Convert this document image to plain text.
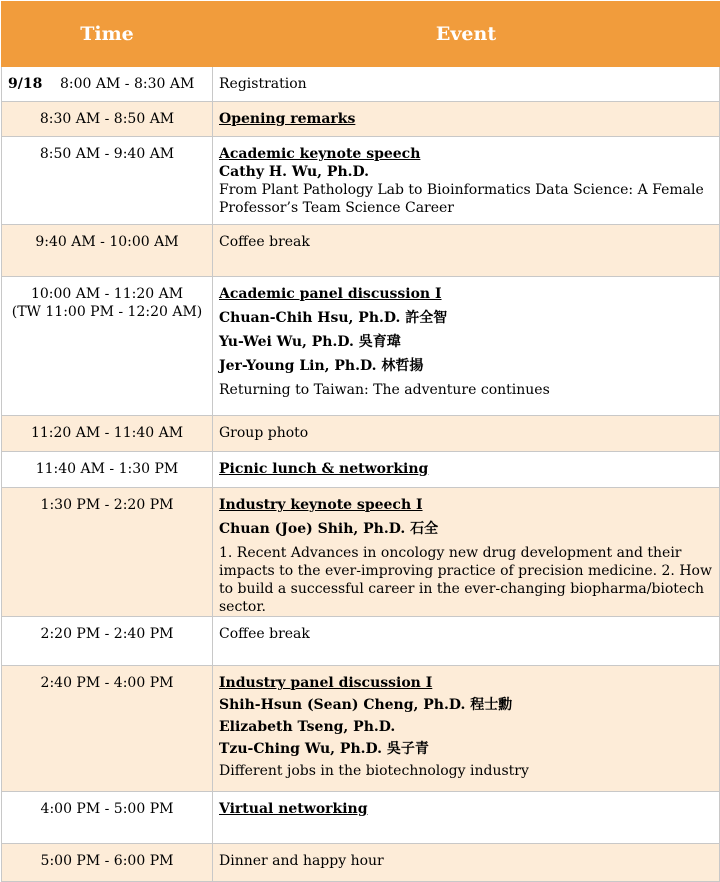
Time	Event

9/18 8:00 AM - 8:30 AM	Registration

8:30 AM - 8:50 AM	Opening remarks

8:50 AM - 9:40 AM	Academic keynote speech
Cathy H. Wu, Ph.D.
From Plant Pathology Lab to Bioinformatics Data Science: A Female Professor’s Team Science Career

9:40 AM - 10:00 AM	Coffee break

10:00 AM - 11:20 AM
(TW 11:00 PM - 12:20 AM)	Academic panel discussion I
Chuan-Chih Hsu, Ph.D. 許全智
Yu-Wei Wu, Ph.D. 吳育瑋
Jer-Young Lin, Ph.D. 林哲揚
Returning to Taiwan: The adventure continues

11:20 AM - 11:40 AM	Group photo

11:40 AM - 1:30 PM	Picnic lunch & networking

1:30 PM - 2:20 PM	Industry keynote speech I
Chuan (Joe) Shih, Ph.D. 石全
1. Recent Advances in oncology new drug development and their impacts to the ever-improving practice of precision medicine. 2. How to build a successful career in the ever-changing biopharma/biotech sector.

2:20 PM - 2:40 PM	Coffee break

2:40 PM - 4:00 PM	Industry panel discussion I
Shih-Hsun (Sean) Cheng, Ph.D. 程士勳
Elizabeth Tseng, Ph.D.
Tzu-Ching Wu, Ph.D. 吳子青
Different jobs in the biotechnology industry

4:00 PM - 5:00 PM	Virtual networking

5:00 PM - 6:00 PM	Dinner and happy hour
